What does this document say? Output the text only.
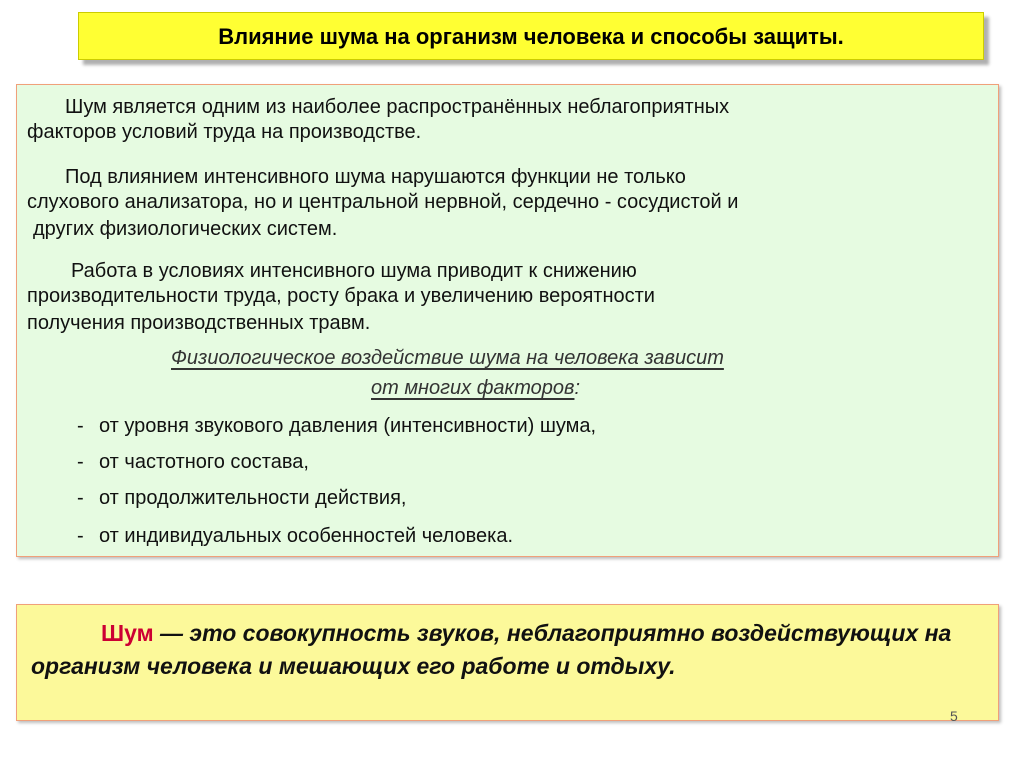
Влияние шума на организм человека и способы защиты.
Шум является одним из наиболее распространённых неблагоприятных
факторов условий труда на производстве.
Под влиянием интенсивного шума нарушаются функции не только
слухового анализатора, но и центральной нервной, сердечно - сосудистой и
других физиологических систем.
Работа в условиях интенсивного шума приводит к снижению
производительности труда, росту брака и увеличению вероятности
получения производственных травм.
Физиологическое воздействие шума на человека зависит
от многих факторов:
- от уровня звукового давления (интенсивности) шума,
- от частотного состава,
- от продолжительности действия,
- от индивидуальных особенностей человека.
Шум — это совокупность звуков, неблагоприятно воздействующих на организм человека и мешающих его работе и отдыху.
5
